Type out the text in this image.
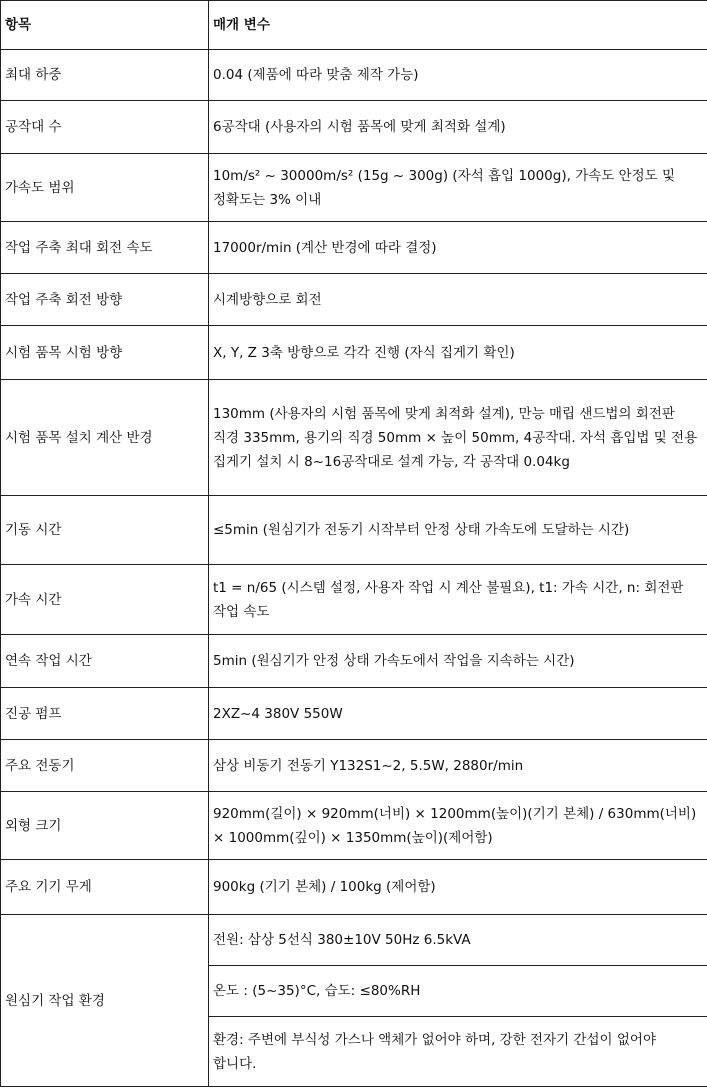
항목	매개 변수
최대 하중	0.04 (제품에 따라 맞춤 제작 가능)
공작대 수	6공작대 (사용자의 시험 품목에 맞게 최적화 설계)
가속도 범위	10m/s² ~ 30000m/s² (15g ~ 300g) (자석 흡입 1000g), 가속도 안정도 및 정확도는 3% 이내
작업 주축 최대 회전 속도	17000r/min (계산 반경에 따라 결정)
작업 주축 회전 방향	시계방향으로 회전
시험 품목 시험 방향	X, Y, Z 3축 방향으로 각각 진행 (자식 집게기 확인)
시험 품목 설치 계산 반경	130mm (사용자의 시험 품목에 맞게 최적화 설계), 만능 매립 샌드법의 회전판 직경 335mm, 용기의 직경 50mm × 높이 50mm, 4공작대. 자석 흡입법 및 전용 집게기 설치 시 8~16공작대로 설계 가능, 각 공작대 0.04kg
기동 시간	≤5min (원심기가 전동기 시작부터 안정 상태 가속도에 도달하는 시간)
가속 시간	t1 = n/65 (시스템 설정, 사용자 작업 시 계산 불필요), t1: 가속 시간, n: 회전판 작업 속도
연속 작업 시간	5min (원심기가 안정 상태 가속도에서 작업을 지속하는 시간)
진공 펌프	2XZ~4 380V 550W
주요 전동기	삼상 비동기 전동기 Y132S1~2, 5.5W, 2880r/min
외형 크기	920mm(길이) × 920mm(너비) × 1200mm(높이)(기기 본체) / 630mm(너비) × 1000mm(깊이) × 1350mm(높이)(제어함)
주요 기기 무게	900kg (기기 본체) / 100kg (제어함)
원심기 작업 환경	전원: 삼상 5선식 380±10V 50Hz 6.5kVA
	온도 : (5~35)°C, 습도: ≤80%RH
	환경: 주변에 부식성 가스나 액체가 없어야 하며, 강한 전자기 간섭이 없어야 합니다.
